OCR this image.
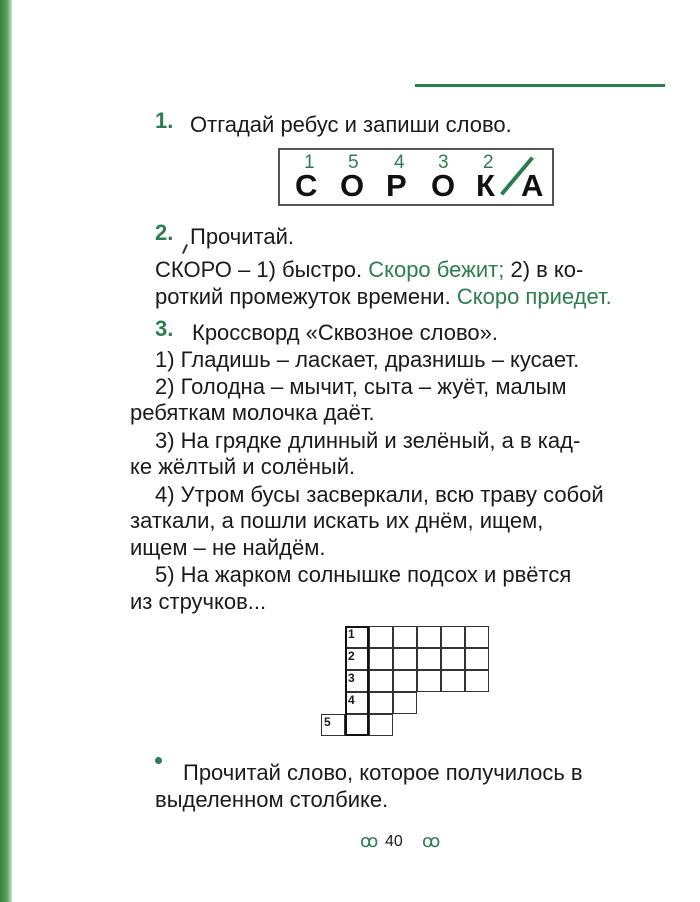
1. Отгадай ребус и запиши слово.
1 5 4 3 2
С О Р О К А
2. Прочитай.
СКОРО – 1) быстро. Скоро бежит; 2) в ко-
роткий промежуток времени. Скоро приедет.
3. Кроссворд «Сквозное слово».
1) Гладишь – ласкает, дразнишь – кусает.
2) Голодна – мычит, сыта – жуёт, малым
ребяткам молочка даёт.
3) На грядке длинный и зелёный, а в кад-
ке жёлтый и солёный.
4) Утром бусы засверкали, всю траву собой
заткали, а пошли искать их днём, ищем,
ищем – не найдём.
5) На жарком солнышке подсох и рвётся
из стручков...
Прочитай слово, которое получилось в
выделенном столбике.
ꝏ 40 ꝏ
1
2
3
4
5
